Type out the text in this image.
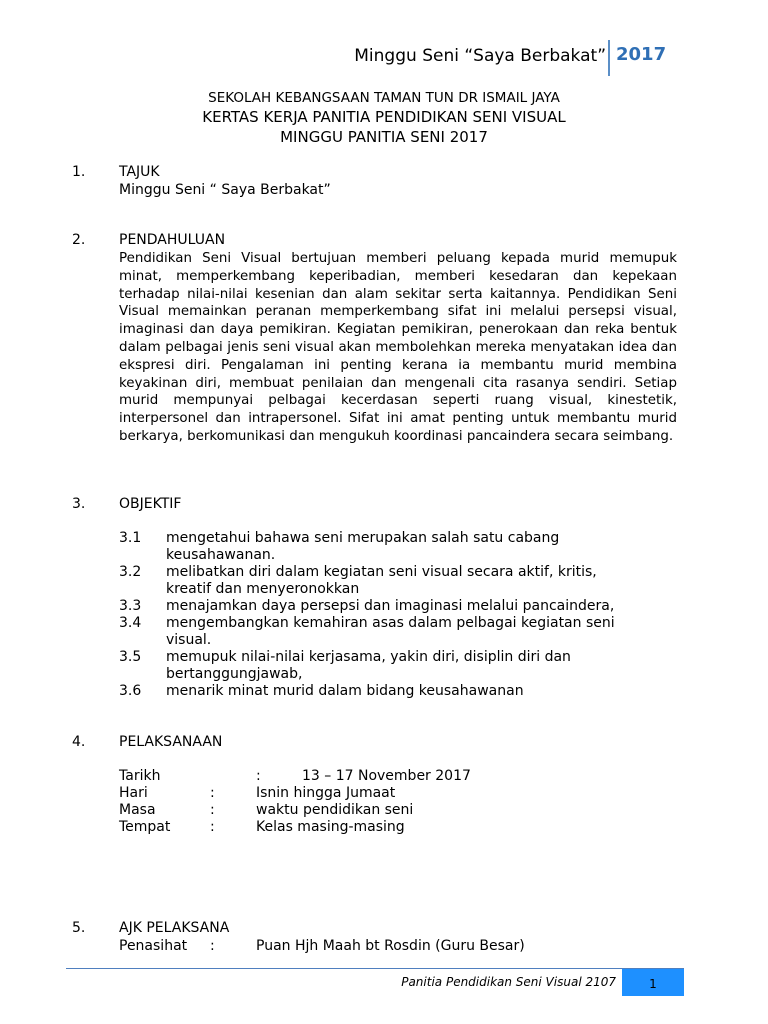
Minggu Seni “Saya Berbakat” 2017
SEKOLAH KEBANGSAAN TAMAN TUN DR ISMAIL JAYA
KERTAS KERJA PANITIA PENDIDIKAN SENI VISUAL
MINGGU PANITIA SENI 2017
1. TAJUK
Minggu Seni “ Saya Berbakat”
2. PENDAHULUAN
Pendidikan Seni Visual bertujuan memberi peluang kepada murid memupuk minat, memperkembang keperibadian, memberi kesedaran dan kepekaan terhadap nilai-nilai kesenian dan alam sekitar serta kaitannya. Pendidikan Seni Visual memainkan peranan memperkembang sifat ini melalui persepsi visual, imaginasi dan daya pemikiran. Kegiatan pemikiran, penerokaan dan reka bentuk dalam pelbagai jenis seni visual akan membolehkan mereka menyatakan idea dan ekspresi diri. Pengalaman ini penting kerana ia membantu murid membina keyakinan diri, membuat penilaian dan mengenali cita rasanya sendiri. Setiap murid mempunyai pelbagai kecerdasan seperti ruang visual, kinestetik, interpersonel dan intrapersonel. Sifat ini amat penting untuk membantu murid berkarya, berkomunikasi dan mengukuh koordinasi pancaindera secara seimbang.
3. OBJEKTIF
3.1 mengetahui bahawa seni merupakan salah satu cabang
keusahawanan.
3.2 melibatkan diri dalam kegiatan seni visual secara aktif, kritis,
kreatif dan menyeronokkan
3.3 menajamkan daya persepsi dan imaginasi melalui pancaindera,
3.4 mengembangkan kemahiran asas dalam pelbagai kegiatan seni
visual.
3.5 memupuk nilai-nilai kerjasama, yakin diri, disiplin diri dan
bertanggungjawab,
3.6 menarik minat murid dalam bidang keusahawanan
4. PELAKSANAAN
Tarikh	:	13 – 17 November 2017
Hari	:	Isnin hingga Jumaat
Masa	:	waktu pendidikan seni
Tempat	:	Kelas masing-masing
5. AJK PELAKSANA
Penasihat :	Puan Hjh Maah bt Rosdin (Guru Besar)
Panitia Pendidikan Seni Visual 2107	1
